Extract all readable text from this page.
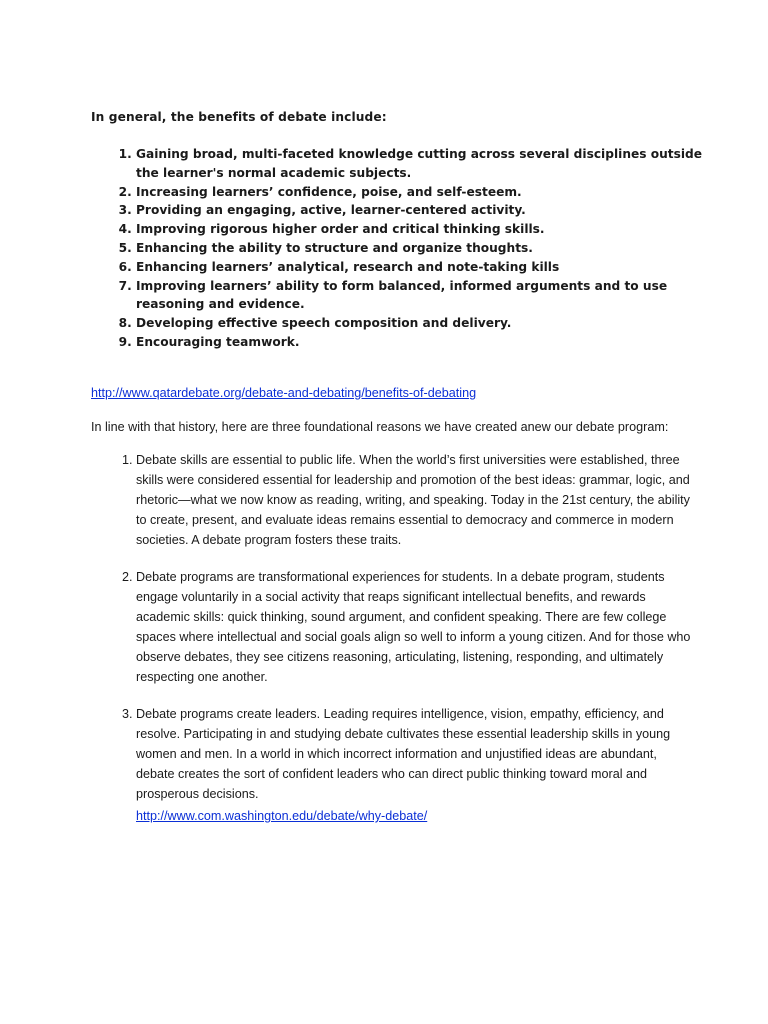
In general, the benefits of debate include:

1. Gaining broad, multi-faceted knowledge cutting across several disciplines outside the learner's normal academic subjects.
2. Increasing learners’ confidence, poise, and self-esteem.
3. Providing an engaging, active, learner-centered activity.
4. Improving rigorous higher order and critical thinking skills.
5. Enhancing the ability to structure and organize thoughts.
6. Enhancing learners’ analytical, research and note-taking kills
7. Improving learners’ ability to form balanced, informed arguments and to use reasoning and evidence.
8. Developing effective speech composition and delivery.
9. Encouraging teamwork.
http://www.qatardebate.org/debate-and-debating/benefits-of-debating

In line with that history, here are three foundational reasons we have created anew our debate program:

1. Debate skills are essential to public life. When the world’s first universities were established, three skills were considered essential for leadership and promotion of the best ideas: grammar, logic, and rhetoric—what we now know as reading, writing, and speaking. Today in the 21st century, the ability to create, present, and evaluate ideas remains essential to democracy and commerce in modern societies. A debate program fosters these traits.
2. Debate programs are transformational experiences for students. In a debate program, students engage voluntarily in a social activity that reaps significant intellectual benefits, and rewards academic skills: quick thinking, sound argument, and confident speaking. There are few college spaces where intellectual and social goals align so well to inform a young citizen. And for those who observe debates, they see citizens reasoning, articulating, listening, responding, and ultimately respecting one another.
3. Debate programs create leaders. Leading requires intelligence, vision, empathy, efficiency, and resolve. Participating in and studying debate cultivates these essential leadership skills in young women and men. In a world in which incorrect information and unjustified ideas are abundant, debate creates the sort of confident leaders who can direct public thinking toward moral and prosperous decisions.
http://www.com.washington.edu/debate/why-debate/
